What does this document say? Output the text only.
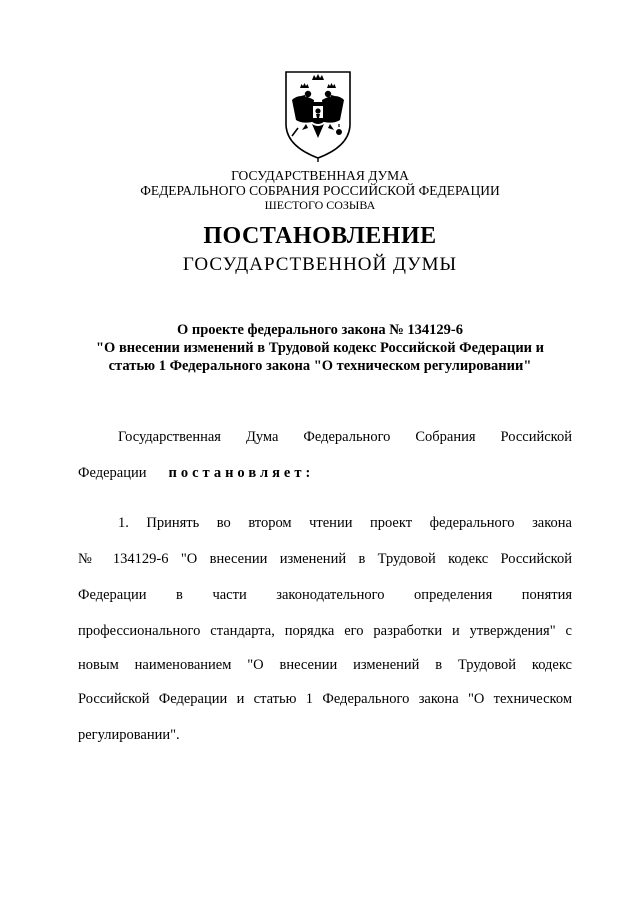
ГОСУДАРСТВЕННАЯ ДУМА
ФЕДЕРАЛЬНОГО СОБРАНИЯ РОССИЙСКОЙ ФЕДЕРАЦИИ
ШЕСТОГО СОЗЫВА
ПОСТАНОВЛЕНИЕ
ГОСУДАРСТВЕННОЙ ДУМЫ
О проекте федерального закона № 134129-6
"О внесении изменений в Трудовой кодекс Российской Федерации и
статью 1 Федерального закона "О техническом регулировании"
Государственная Дума Федерального Собрания Российской
Федерации постановляет:
1. Принять во втором чтении проект федерального закона
№ 134129-6 "О внесении изменений в Трудовой кодекс Российской
Федерации в части законодательного определения понятия
профессионального стандарта, порядка его разработки и утверждения" с
новым наименованием "О внесении изменений в Трудовой кодекс
Российской Федерации и статью 1 Федерального закона "О техническом
регулировании".
